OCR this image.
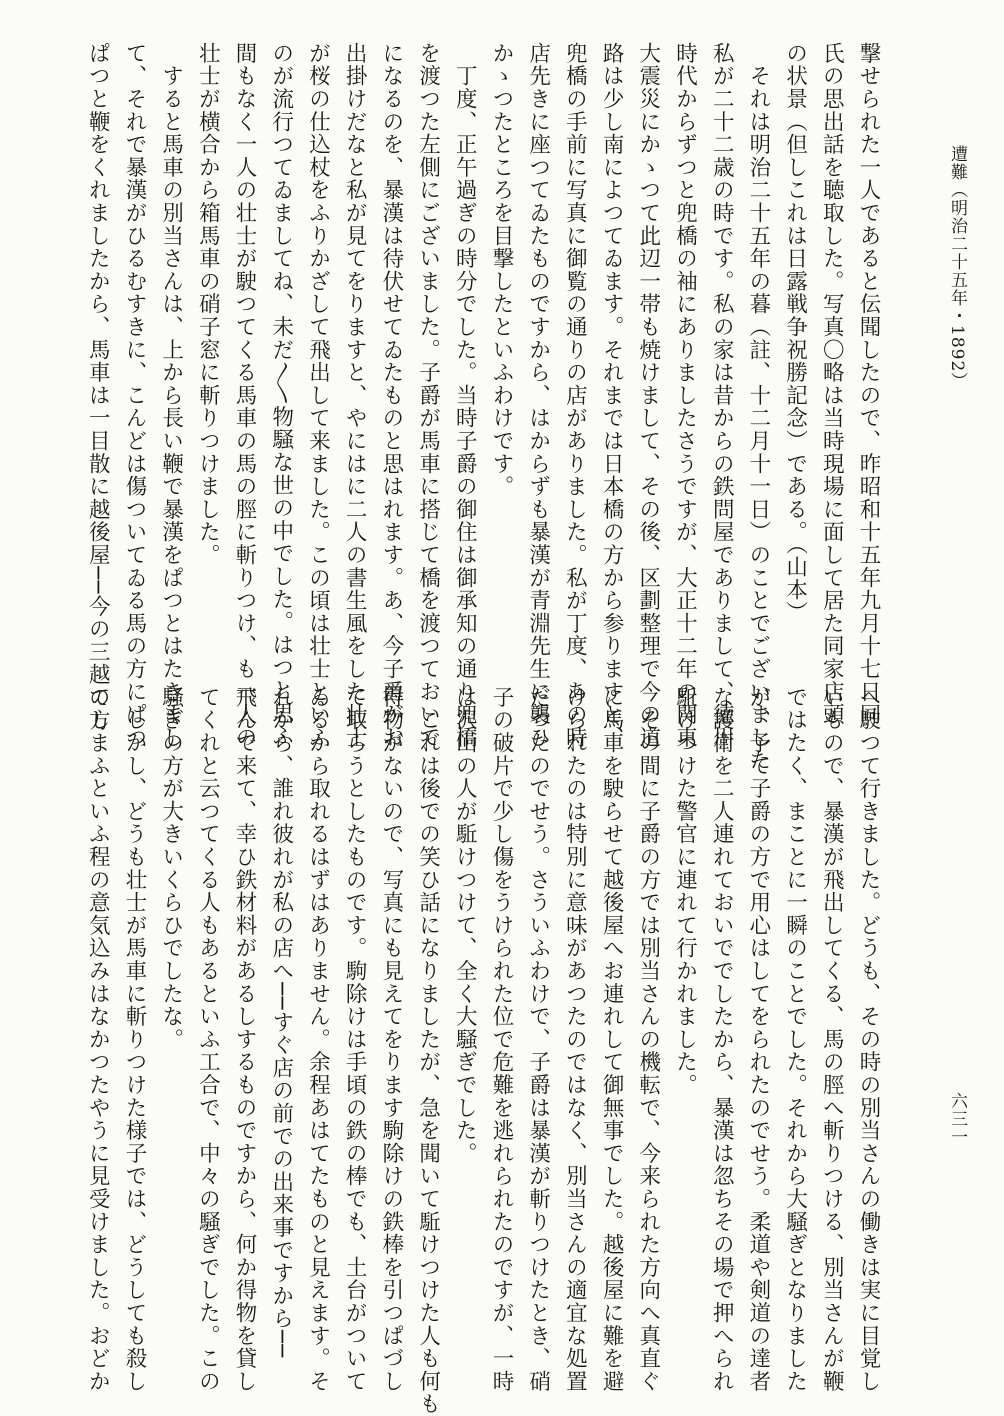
遭難（明治二十五年・1892）
六三一

撃せられた一人であると伝聞したので、昨昭和十五年九月十七日同

氏の思出話を聴取した。写真〇略は当時現場に面して居た同家店頭

の状景（但しこれは日露戦争祝勝記念）である。（山本）

　それは明治二十五年の暮（註、十二月十一日）のことでございました

私が二十二歳の時です。私の家は昔からの鉄問屋でありまして、徳川

時代からずつと兜橋の袖にありましたさうですが、大正十二年の関東

大震災にかゝつて此辺一帯も焼けまして、その後、区劃整理で今の道

路は少し南によつてゐます。それまでは日本橋の方から参りますと、

兜橋の手前に写真に御覧の通りの店がありました。私が丁度、あの時

店先きに座つてゐたものですから、はからずも暴漢が青淵先生に襲ひ

かゝつたところを目撃したといふわけです。

　丁度、正午過ぎの時分でした。当時子爵の御住は御承知の通り兜橋

を渡つた左側にございました。子爵が馬車に搭じて橋を渡つておいで

になるのを、暴漢は待伏せてゐたものと思はれます。あ、今子爵がお

出掛けだなと私が見てをりますと、やにはに二人の書生風をした壮士

が桜の仕込杖をふりかざして飛出して来ました。この頃は壮士といふ

のが流行つてゐましてね、未だ〳〵物騒な世の中でした。はつと思ふ

間もなく一人の壮士が駛つてくる馬車の馬の脛に斬りつけ、も一人の

壮士が横合から箱馬車の硝子窓に斬りつけました。

　すると馬車の別当さんは、上から長い鞭で暴漢をぱつとはたきまし

て、それで暴漢がひるむすきに、こんどは傷ついてゐる馬の方にぱつ

ぱつと鞭をくれましたから、馬車は一目散に越後屋──今の三越の方

へ駛つて行きました。どうも、その時の別当さんの働きは実に目覚し

いもので、暴漢が飛出してくる、馬の脛へ斬りつける、別当さんが鞭

ではたく、まことに一瞬のことでした。それから大騒ぎとなりました

が、予て子爵の方で用心はしてをられたのでせう。柔道や剣道の達者

な護衛を二人連れておいででしたから、暴漢は忽ちその場で押へられ

駈けつけた警官に連れて行かれました。

　その間に子爵の方では別当さんの機転で、今来られた方向へ真直ぐ

に馬車を駛らせて越後屋へお連れして御無事でした。越後屋に難を避

けられたのは特別に意味があつたのではなく、別当さんの適宜な処置

だつたのでせう。さういふわけで、子爵は暴漢が斬りつけたとき、硝

子の破片で少し傷をうけられた位で危難を逃れられたのですが、一時

は沢山の人が駈けつけて、全く大騒ぎでした。

　これは後での笑ひ話になりましたが、急を聞いて駈けつけた人も何も

得物がないので、写真にも見えてをります駒除けの鉄棒を引つぱづし

て取らうとしたものです。駒除けは手頃の鉄の棒でも、土台がついて

ゐるから取れるはずはありません。余程あはてたものと見えます。そ

れから、誰れ彼れが私の店へ──すぐ店の前での出来事ですから──

飛んで来て、幸ひ鉄材料があるしするものですから、何か得物を貸し

てくれと云つてくる人もあるといふ工合で、中々の騒ぎでした。この

騒ぎの方が大きいくらひでしたな。

　しかし、どうも壮士が馬車に斬りつけた様子では、どうしても殺し

てしまふといふ程の意気込みはなかつたやうに見受けました。おどか
